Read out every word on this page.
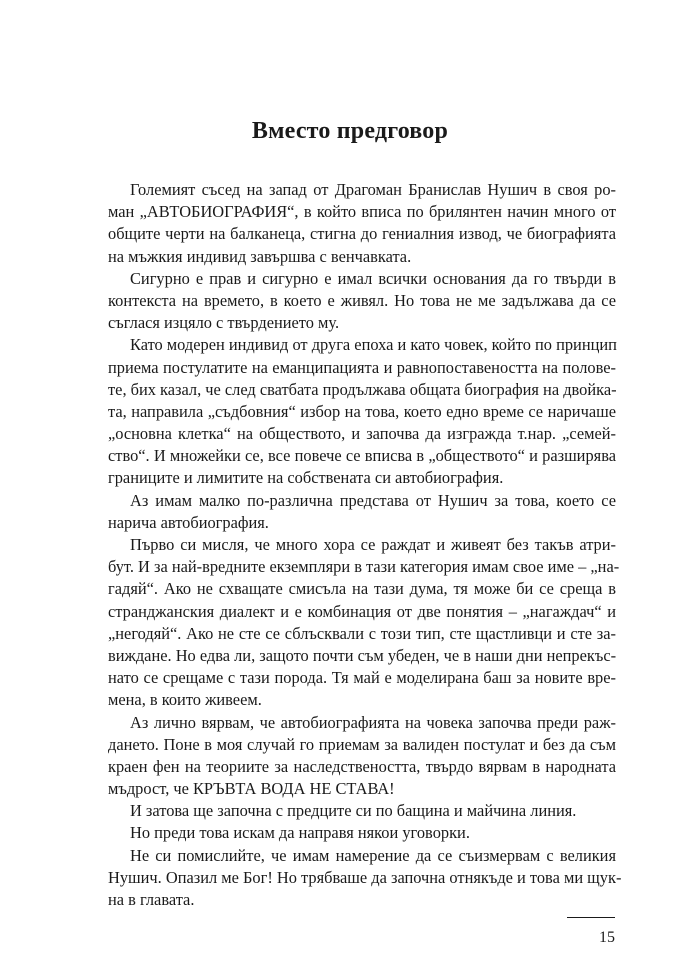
Вместо предговор
Големият съсед на запад от Драгоман Бранислав Нушич в своя ро-
ман „АВТОБИОГРАФИЯ“, в който вписа по брилянтен начин много от
общите черти на балканеца, стигна до гениалния извод, че биографията
на мъжкия индивид завършва с венчавката.
Сигурно е прав и сигурно е имал всички основания да го твърди в
контекста на времето, в което е живял. Но това не ме задължава да се
съглася изцяло с твърдението му.
Като модерен индивид от друга епоха и като човек, който по принцип
приема постулатите на еманципацията и равнопоставеността на полове-
те, бих казал, че след сватбата продължава общата биография на двойка-
та, направила „съдбовния“ избор на това, което едно време се наричаше
„основна клетка“ на обществото, и започва да изгражда т.нар. „семей-
ство“. И множейки се, все повече се вписва в „обществото“ и разширява
границите и лимитите на собствената си автобиография.
Аз имам малко по-различна представа от Нушич за това, което се
нарича автобиография.
Първо си мисля, че много хора се раждат и живеят без такъв атри-
бут. И за най-вредните екземпляри в тази категория имам свое име – „на-
гадяй“. Ако не схващате смисъла на тази дума, тя може би се среща в
странджанския диалект и е комбинация от две понятия – „нагаждач“ и
„негодяй“. Ако не сте се сблъсквали с този тип, сте щастливци и сте за-
виждане. Но едва ли, защото почти съм убеден, че в наши дни непрекъс-
нато се срещаме с тази порода. Тя май е моделирана баш за новите вре-
мена, в които живеем.
Аз лично вярвам, че автобиографията на човека започва преди раж-
дането. Поне в моя случай го приемам за валиден постулат и без да съм
краен фен на теориите за наследствеността, твърдо вярвам в народната
мъдрост, че КРЪВТА ВОДА НЕ СТАВА!
И затова ще започна с предците си по бащина и майчина линия.
Но преди това искам да направя някои уговорки.
Не си помислийте, че имам намерение да се съизмервам с великия
Нушич. Опазил ме Бог! Но трябваше да започна отнякъде и това ми щук-
на в главата.
15
